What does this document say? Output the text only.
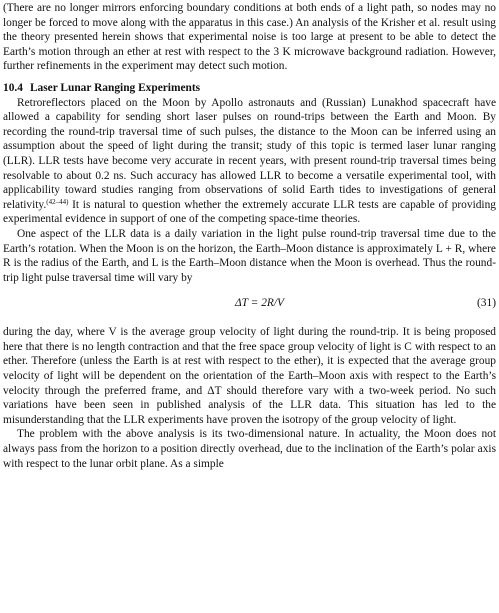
(There are no longer mirrors enforcing boundary conditions at both ends of a light path, so nodes may no longer be forced to move along with the apparatus in this case.) An analysis of the Krisher et al. result using the theory presented herein shows that experimental noise is too large at present to be able to detect the Earth’s motion through an ether at rest with respect to the 3 K microwave background radiation. However, further refinements in the experiment may detect such motion.

10.4 Laser Lunar Ranging Experiments

Retroreflectors placed on the Moon by Apollo astronauts and (Russian) Lunakhod spacecraft have allowed a capability for sending short laser pulses on round-trips between the Earth and Moon. By recording the round-trip traversal time of such pulses, the distance to the Moon can be inferred using an assumption about the speed of light during the transit; study of this topic is termed laser lunar ranging (LLR). LLR tests have become very accurate in recent years, with present round-trip traversal times being resolvable to about 0.2 ns. Such accuracy has allowed LLR to become a versatile experimental tool, with applicability toward studies ranging from observations of solid Earth tides to investigations of general relativity.$^{(42-44)}$ It is natural to question whether the extremely accurate LLR tests are capable of providing experimental evidence in support of one of the competing space-time theories.

One aspect of the LLR data is a daily variation in the light pulse round-trip traversal time due to the Earth’s rotation. When the Moon is on the horizon, the Earth–Moon distance is approximately L + R, where R is the radius of the Earth, and L is the Earth–Moon distance when the Moon is overhead. Thus the round-trip light pulse traversal time will vary by

ΔT = 2R/V	(31)

during the day, where V is the average group velocity of light during the round-trip. It is being proposed here that there is no length contraction and that the free space group velocity of light is C with respect to an ether. Therefore (unless the Earth is at rest with respect to the ether), it is expected that the average group velocity of light will be dependent on the orientation of the Earth–Moon axis with respect to the Earth’s velocity through the preferred frame, and ΔT should therefore vary with a two-week period. No such variations have been seen in published analysis of the LLR data. This situation has led to the misunderstanding that the LLR experiments have proven the isotropy of the group velocity of light.

The problem with the above analysis is its two-dimensional nature. In actuality, the Moon does not always pass from the horizon to a position directly overhead, due to the inclination of the Earth’s polar axis with respect to the lunar orbit plane. As a simple
